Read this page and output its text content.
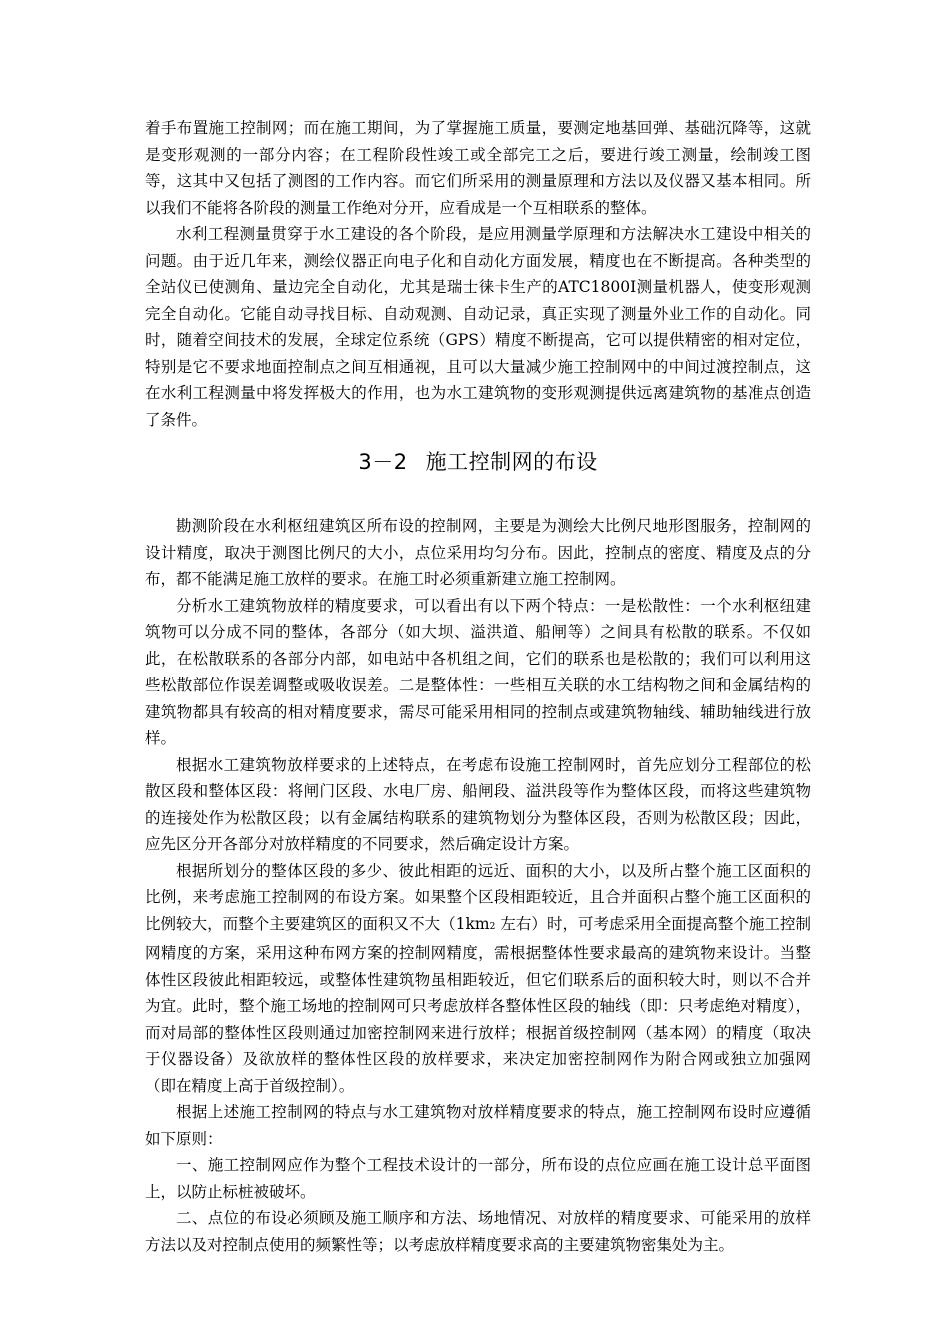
着手布置施工控制网；而在施工期间，为了掌握施工质量，要测定地基回弹、基础沉降等，这就是变形观测的一部分内容；在工程阶段性竣工或全部完工之后，要进行竣工测量，绘制竣工图等，这其中又包括了测图的工作内容。而它们所采用的测量原理和方法以及仪器又基本相同。所以我们不能将各阶段的测量工作绝对分开，应看成是一个互相联系的整体。

水利工程测量贯穿于水工建设的各个阶段，是应用测量学原理和方法解决水工建设中相关的问题。由于近几年来，测绘仪器正向电子化和自动化方面发展，精度也在不断提高。各种类型的全站仪已使测角、量边完全自动化，尤其是瑞士徕卡生产的ATC1800I测量机器人，使变形观测完全自动化。它能自动寻找目标、自动观测、自动记录，真正实现了测量外业工作的自动化。同时，随着空间技术的发展，全球定位系统（GPS）精度不断提高，它可以提供精密的相对定位，特别是它不要求地面控制点之间互相通视，且可以大量减少施工控制网中的中间过渡控制点，这在水利工程测量中将发挥极大的作用，也为水工建筑物的变形观测提供远离建筑物的基准点创造了条件。

3－2 施工控制网的布设

勘测阶段在水利枢纽建筑区所布设的控制网，主要是为测绘大比例尺地形图服务，控制网的设计精度，取决于测图比例尺的大小，点位采用均匀分布。因此，控制点的密度、精度及点的分布，都不能满足施工放样的要求。在施工时必须重新建立施工控制网。

分析水工建筑物放样的精度要求，可以看出有以下两个特点：一是松散性：一个水利枢纽建筑物可以分成不同的整体，各部分（如大坝、溢洪道、船闸等）之间具有松散的联系。不仅如此，在松散联系的各部分内部，如电站中各机组之间，它们的联系也是松散的；我们可以利用这些松散部位作误差调整或吸收误差。二是整体性：一些相互关联的水工结构物之间和金属结构的建筑物都具有较高的相对精度要求，需尽可能采用相同的控制点或建筑物轴线、辅助轴线进行放样。

根据水工建筑物放样要求的上述特点，在考虑布设施工控制网时，首先应划分工程部位的松散区段和整体区段：将闸门区段、水电厂房、船闸段、溢洪段等作为整体区段，而将这些建筑物的连接处作为松散区段；以有金属结构联系的建筑物划分为整体区段，否则为松散区段；因此，应先区分开各部分对放样精度的不同要求，然后确定设计方案。

根据所划分的整体区段的多少、彼此相距的远近、面积的大小，以及所占整个施工区面积的比例，来考虑施工控制网的布设方案。如果整个区段相距较近，且合并面积占整个施工区面积的比例较大，而整个主要建筑区的面积又不大（1km2 左右）时，可考虑采用全面提高整个施工控制网精度的方案，采用这种布网方案的控制网精度，需根据整体性要求最高的建筑物来设计。当整体性区段彼此相距较远，或整体性建筑物虽相距较近，但它们联系后的面积较大时，则以不合并为宜。此时，整个施工场地的控制网可只考虑放样各整体性区段的轴线（即：只考虑绝对精度），而对局部的整体性区段则通过加密控制网来进行放样；根据首级控制网（基本网）的精度（取决于仪器设备）及欲放样的整体性区段的放样要求，来决定加密控制网作为附合网或独立加强网（即在精度上高于首级控制）。

根据上述施工控制网的特点与水工建筑物对放样精度要求的特点，施工控制网布设时应遵循如下原则：

一、施工控制网应作为整个工程技术设计的一部分，所布设的点位应画在施工设计总平面图上，以防止标桩被破坏。

二、点位的布设必须顾及施工顺序和方法、场地情况、对放样的精度要求、可能采用的放样方法以及对控制点使用的频繁性等；以考虑放样精度要求高的主要建筑物密集处为主。
